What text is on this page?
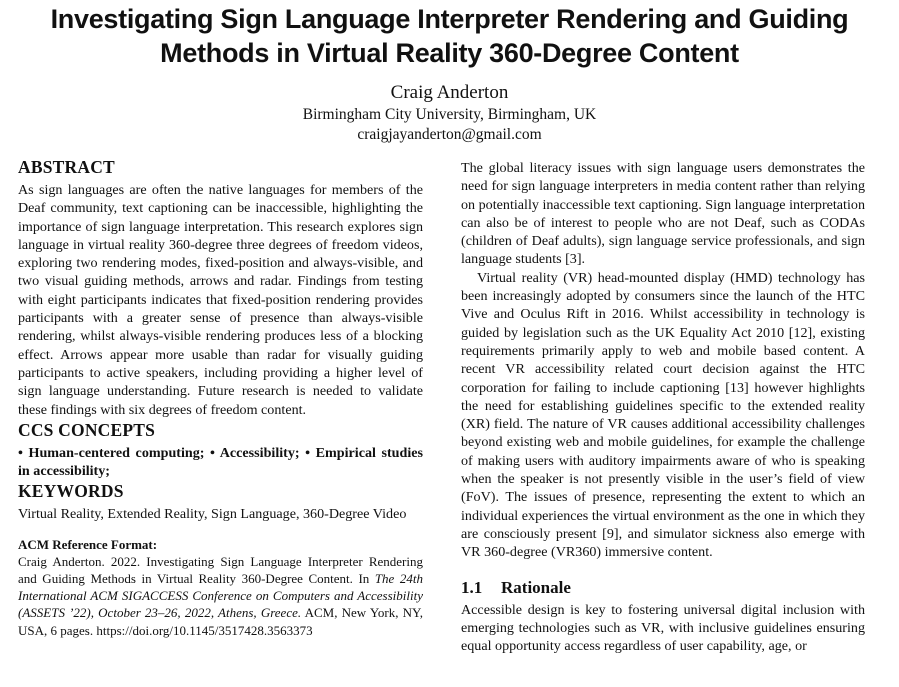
Investigating Sign Language Interpreter Rendering and Guiding
Methods in Virtual Reality 360-Degree Content
Craig Anderton
Birmingham City University, Birmingham, UK
craigjayanderton@gmail.com
ABSTRACT

As sign languages are often the native languages for members of the Deaf community, text captioning can be inaccessible, highlighting the importance of sign language interpretation. This research explores sign language in virtual reality 360-degree three degrees of freedom videos, exploring two rendering modes, fixed-position and always-visible, and two visual guiding methods, arrows and radar. Findings from testing with eight participants indicates that fixed-position rendering provides participants with a greater sense of presence than always-visible rendering, whilst always-visible rendering produces less of a blocking effect. Arrows appear more usable than radar for visually guiding participants to active speakers, including providing a higher level of sign language understanding. Future research is needed to validate these findings with six degrees of freedom content.

CCS CONCEPTS

• Human-centered computing; • Accessibility; • Empirical studies in accessibility;

KEYWORDS

Virtual Reality, Extended Reality, Sign Language, 360-Degree Video

ACM Reference Format:

Craig Anderton. 2022. Investigating Sign Language Interpreter Rendering and Guiding Methods in Virtual Reality 360-Degree Content. In The 24th International ACM SIGACCESS Conference on Computers and Accessibility (ASSETS ’22), October 23–26, 2022, Athens, Greece. ACM, New York, NY, USA, 6 pages. https://doi.org/10.1145/3517428.3563373

The global literacy issues with sign language users demonstrates the need for sign language interpreters in media content rather than relying on potentially inaccessible text captioning. Sign language interpretation can also be of interest to people who are not Deaf, such as CODAs (children of Deaf adults), sign language service professionals, and sign language students [3].

Virtual reality (VR) head-mounted display (HMD) technology has been increasingly adopted by consumers since the launch of the HTC Vive and Oculus Rift in 2016. Whilst accessibility in technology is guided by legislation such as the UK Equality Act 2010 [12], existing requirements primarily apply to web and mobile based content. A recent VR accessibility related court decision against the HTC corporation for failing to include captioning [13] however highlights the need for establishing guidelines specific to the extended reality (XR) field. The nature of VR causes additional accessibility challenges beyond existing web and mobile guidelines, for example the challenge of making users with auditory impairments aware of who is speaking when the speaker is not presently visible in the user’s field of view (FoV). The issues of presence, representing the extent to which an individual experiences the virtual environment as the one in which they are consciously present [9], and simulator sickness also emerge with VR 360-degree (VR360) immersive content.

1.1 Rationale

Accessible design is key to fostering universal digital inclusion with emerging technologies such as VR, with inclusive guidelines ensuring equal opportunity access regardless of user capability, age, or
